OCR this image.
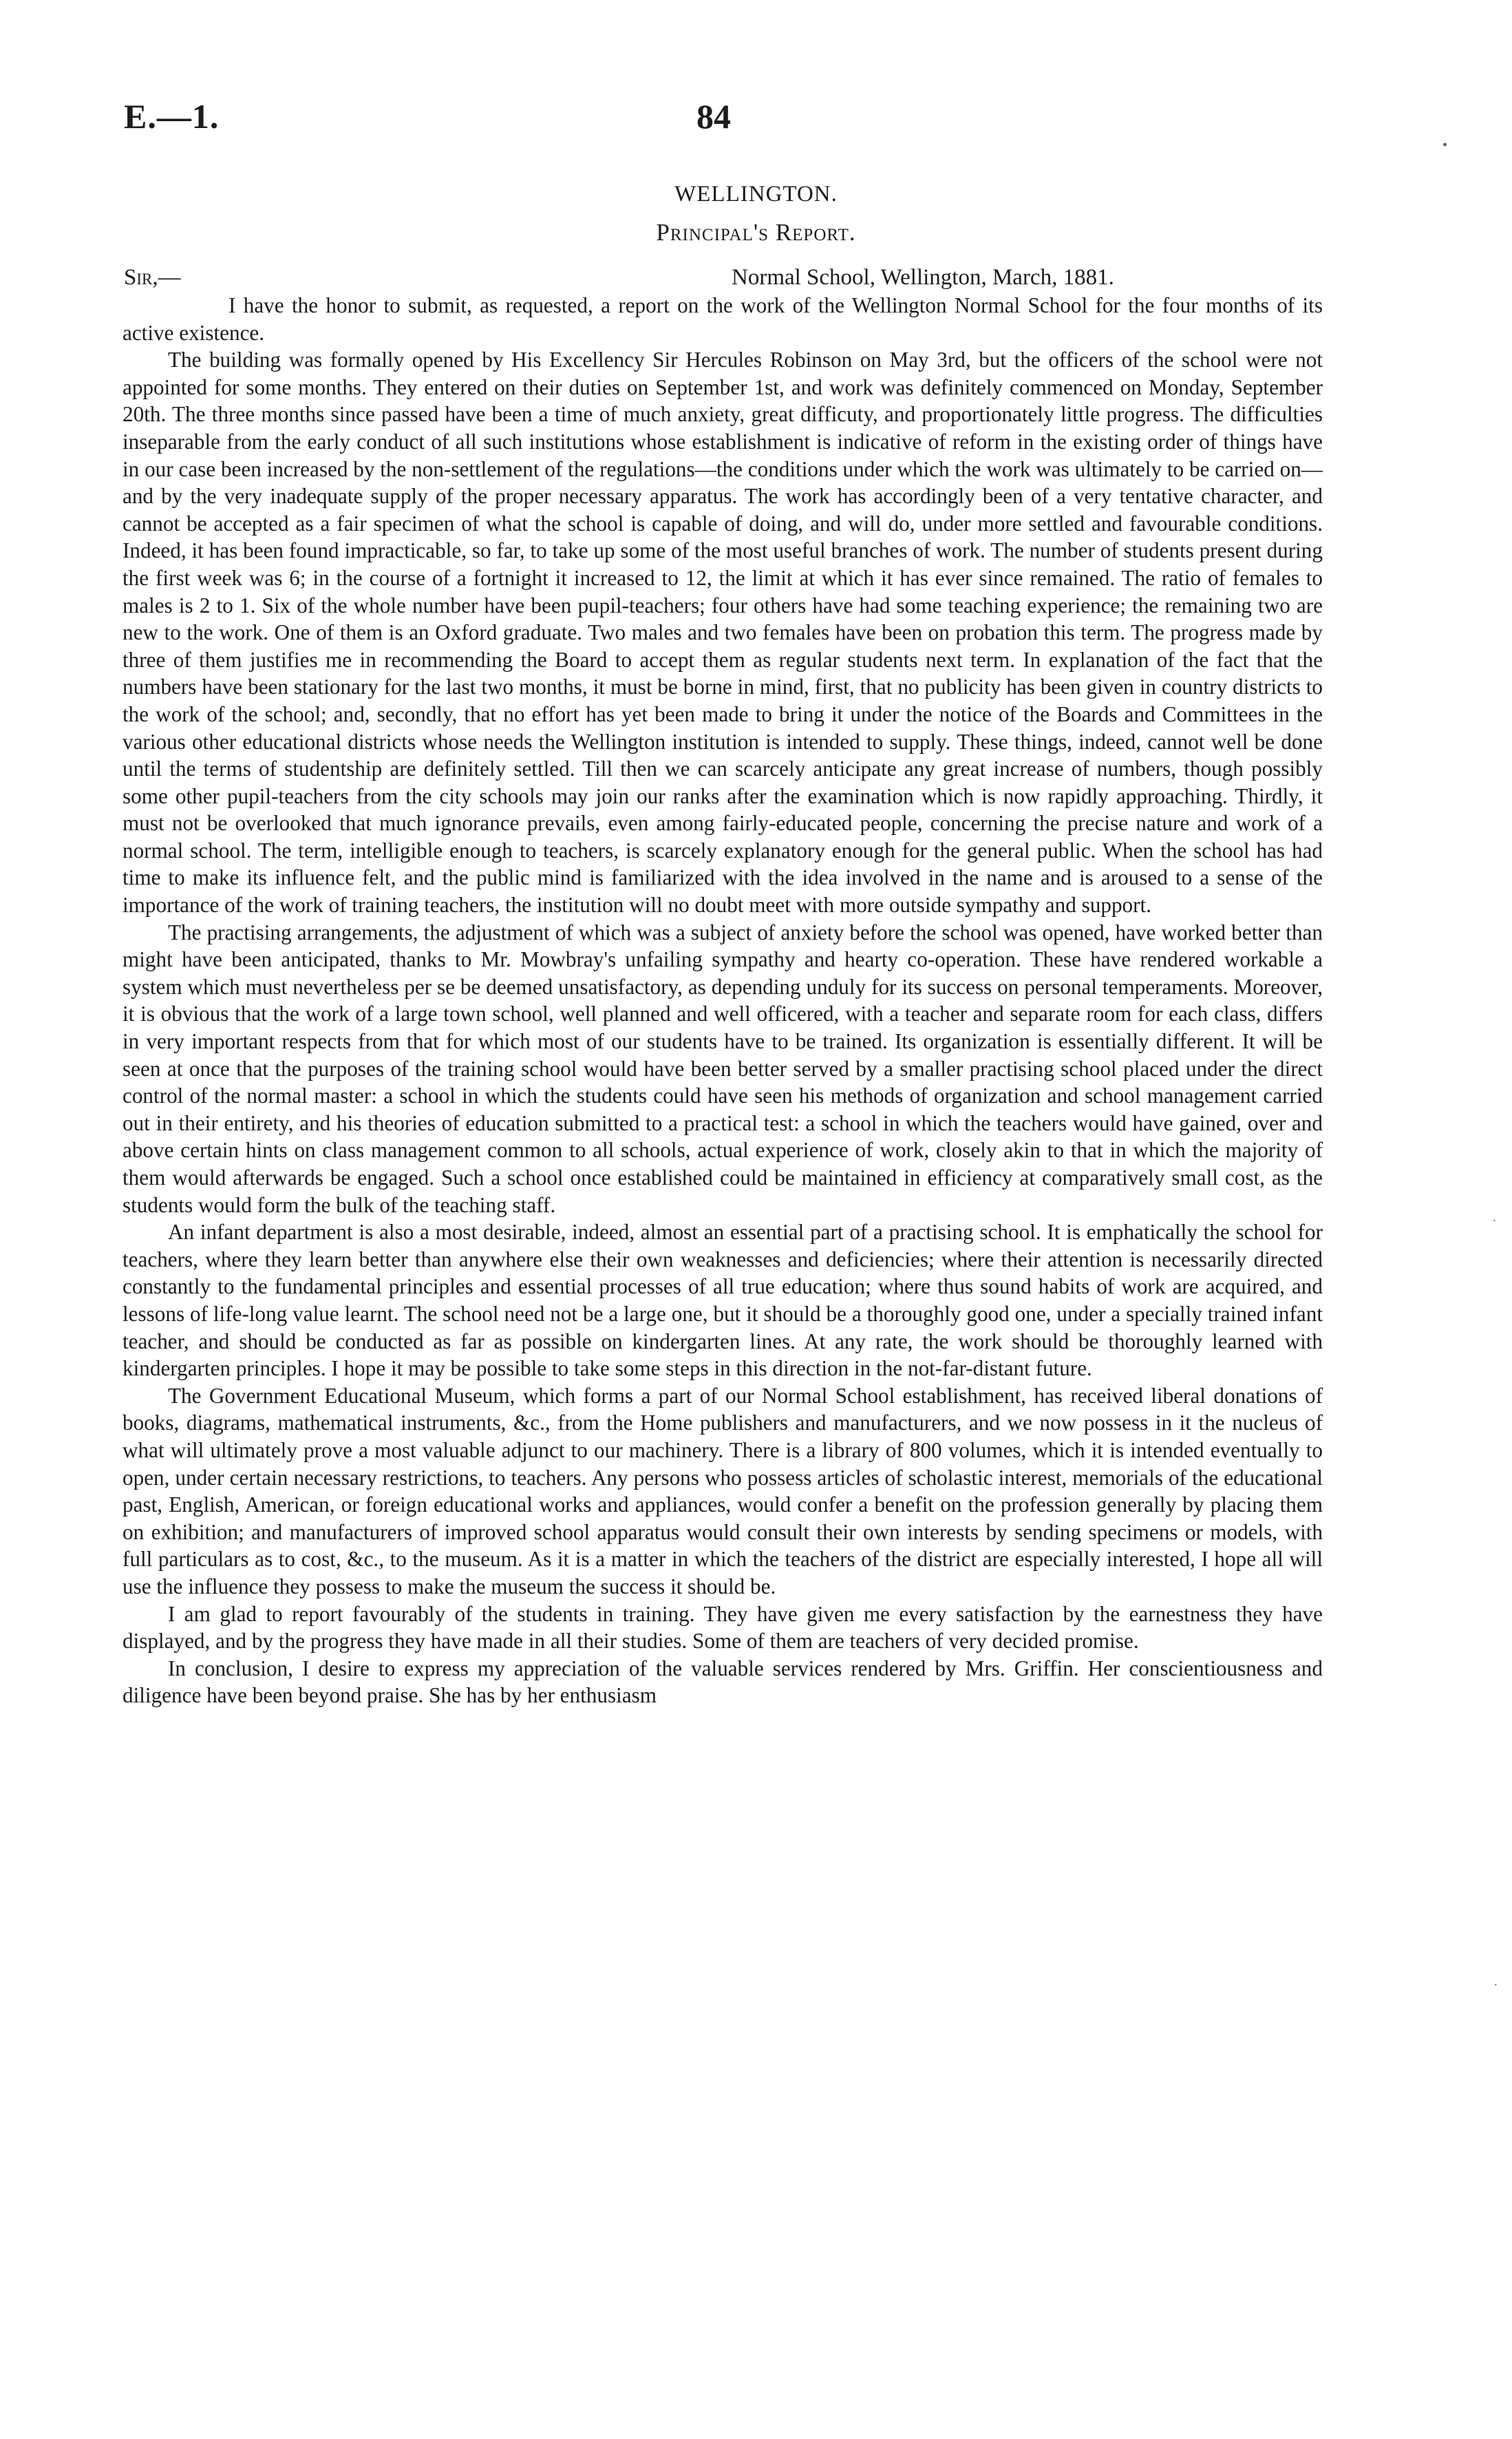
E.—1.	84
WELLINGTON.
Principal's Report.
Sir,—	Normal School, Wellington, March, 1881.

I have the honor to submit, as requested, a report on the work of the Wellington Normal School for the four months of its active existence.

The building was formally opened by His Excellency Sir Hercules Robinson on May 3rd, but the officers of the school were not appointed for some months. They entered on their duties on September 1st, and work was definitely commenced on Monday, September 20th. The three months since passed have been a time of much anxiety, great difficuty, and proportionately little progress. The difficulties inseparable from the early conduct of all such institutions whose establishment is indicative of reform in the existing order of things have in our case been increased by the non-settlement of the regulations—the conditions under which the work was ultimately to be carried on—and by the very inadequate supply of the proper necessary apparatus. The work has accordingly been of a very tentative character, and cannot be accepted as a fair specimen of what the school is capable of doing, and will do, under more settled and favourable conditions. Indeed, it has been found impracticable, so far, to take up some of the most useful branches of work. The number of students present during the first week was 6; in the course of a fortnight it increased to 12, the limit at which it has ever since remained. The ratio of females to males is 2 to 1. Six of the whole number have been pupil-teachers; four others have had some teaching experience; the remaining two are new to the work. One of them is an Oxford graduate. Two males and two females have been on probation this term. The progress made by three of them justifies me in recommending the Board to accept them as regular students next term. In explanation of the fact that the numbers have been stationary for the last two months, it must be borne in mind, first, that no publicity has been given in country districts to the work of the school; and, secondly, that no effort has yet been made to bring it under the notice of the Boards and Committees in the various other educational districts whose needs the Wellington institution is intended to supply. These things, indeed, cannot well be done until the terms of studentship are definitely settled. Till then we can scarcely anticipate any great increase of numbers, though possibly some other pupil-teachers from the city schools may join our ranks after the examination which is now rapidly approaching. Thirdly, it must not be overlooked that much ignorance prevails, even among fairly-educated people, concerning the precise nature and work of a normal school. The term, intelligible enough to teachers, is scarcely explanatory enough for the general public. When the school has had time to make its influence felt, and the public mind is familiarized with the idea involved in the name and is aroused to a sense of the importance of the work of training teachers, the institution will no doubt meet with more outside sympathy and support.

The practising arrangements, the adjustment of which was a subject of anxiety before the school was opened, have worked better than might have been anticipated, thanks to Mr. Mowbray's unfailing sympathy and hearty co-operation. These have rendered workable a system which must nevertheless per se be deemed unsatisfactory, as depending unduly for its success on personal temperaments. Moreover, it is obvious that the work of a large town school, well planned and well officered, with a teacher and separate room for each class, differs in very important respects from that for which most of our students have to be trained. Its organization is essentially different. It will be seen at once that the purposes of the training school would have been better served by a smaller practising school placed under the direct control of the normal master: a school in which the students could have seen his methods of organization and school management carried out in their entirety, and his theories of education submitted to a practical test: a school in which the teachers would have gained, over and above certain hints on class management common to all schools, actual experience of work, closely akin to that in which the majority of them would afterwards be engaged. Such a school once established could be maintained in efficiency at comparatively small cost, as the students would form the bulk of the teaching staff.

An infant department is also a most desirable, indeed, almost an essential part of a practising school. It is emphatically the school for teachers, where they learn better than anywhere else their own weaknesses and deficiencies; where their attention is necessarily directed constantly to the fundamental principles and essential processes of all true education; where thus sound habits of work are acquired, and lessons of life-long value learnt. The school need not be a large one, but it should be a thoroughly good one, under a specially trained infant teacher, and should be conducted as far as possible on kindergarten lines. At any rate, the work should be thoroughly learned with kindergarten principles. I hope it may be possible to take some steps in this direction in the not-far-distant future.

The Government Educational Museum, which forms a part of our Normal School establishment, has received liberal donations of books, diagrams, mathematical instruments, &c., from the Home publishers and manufacturers, and we now possess in it the nucleus of what will ultimately prove a most valuable adjunct to our machinery. There is a library of 800 volumes, which it is intended eventually to open, under certain necessary restrictions, to teachers. Any persons who possess articles of scholastic interest, memorials of the educational past, English, American, or foreign educational works and appliances, would confer a benefit on the profession generally by placing them on exhibition; and manufacturers of improved school apparatus would consult their own interests by sending specimens or models, with full particulars as to cost, &c., to the museum. As it is a matter in which the teachers of the district are especially interested, I hope all will use the influence they possess to make the museum the success it should be.

I am glad to report favourably of the students in training. They have given me every satisfaction by the earnestness they have displayed, and by the progress they have made in all their studies. Some of them are teachers of very decided promise.

In conclusion, I desire to express my appreciation of the valuable services rendered by Mrs. Griffin. Her conscientiousness and diligence have been beyond praise. She has by her enthusiasm

•
˙
˙
